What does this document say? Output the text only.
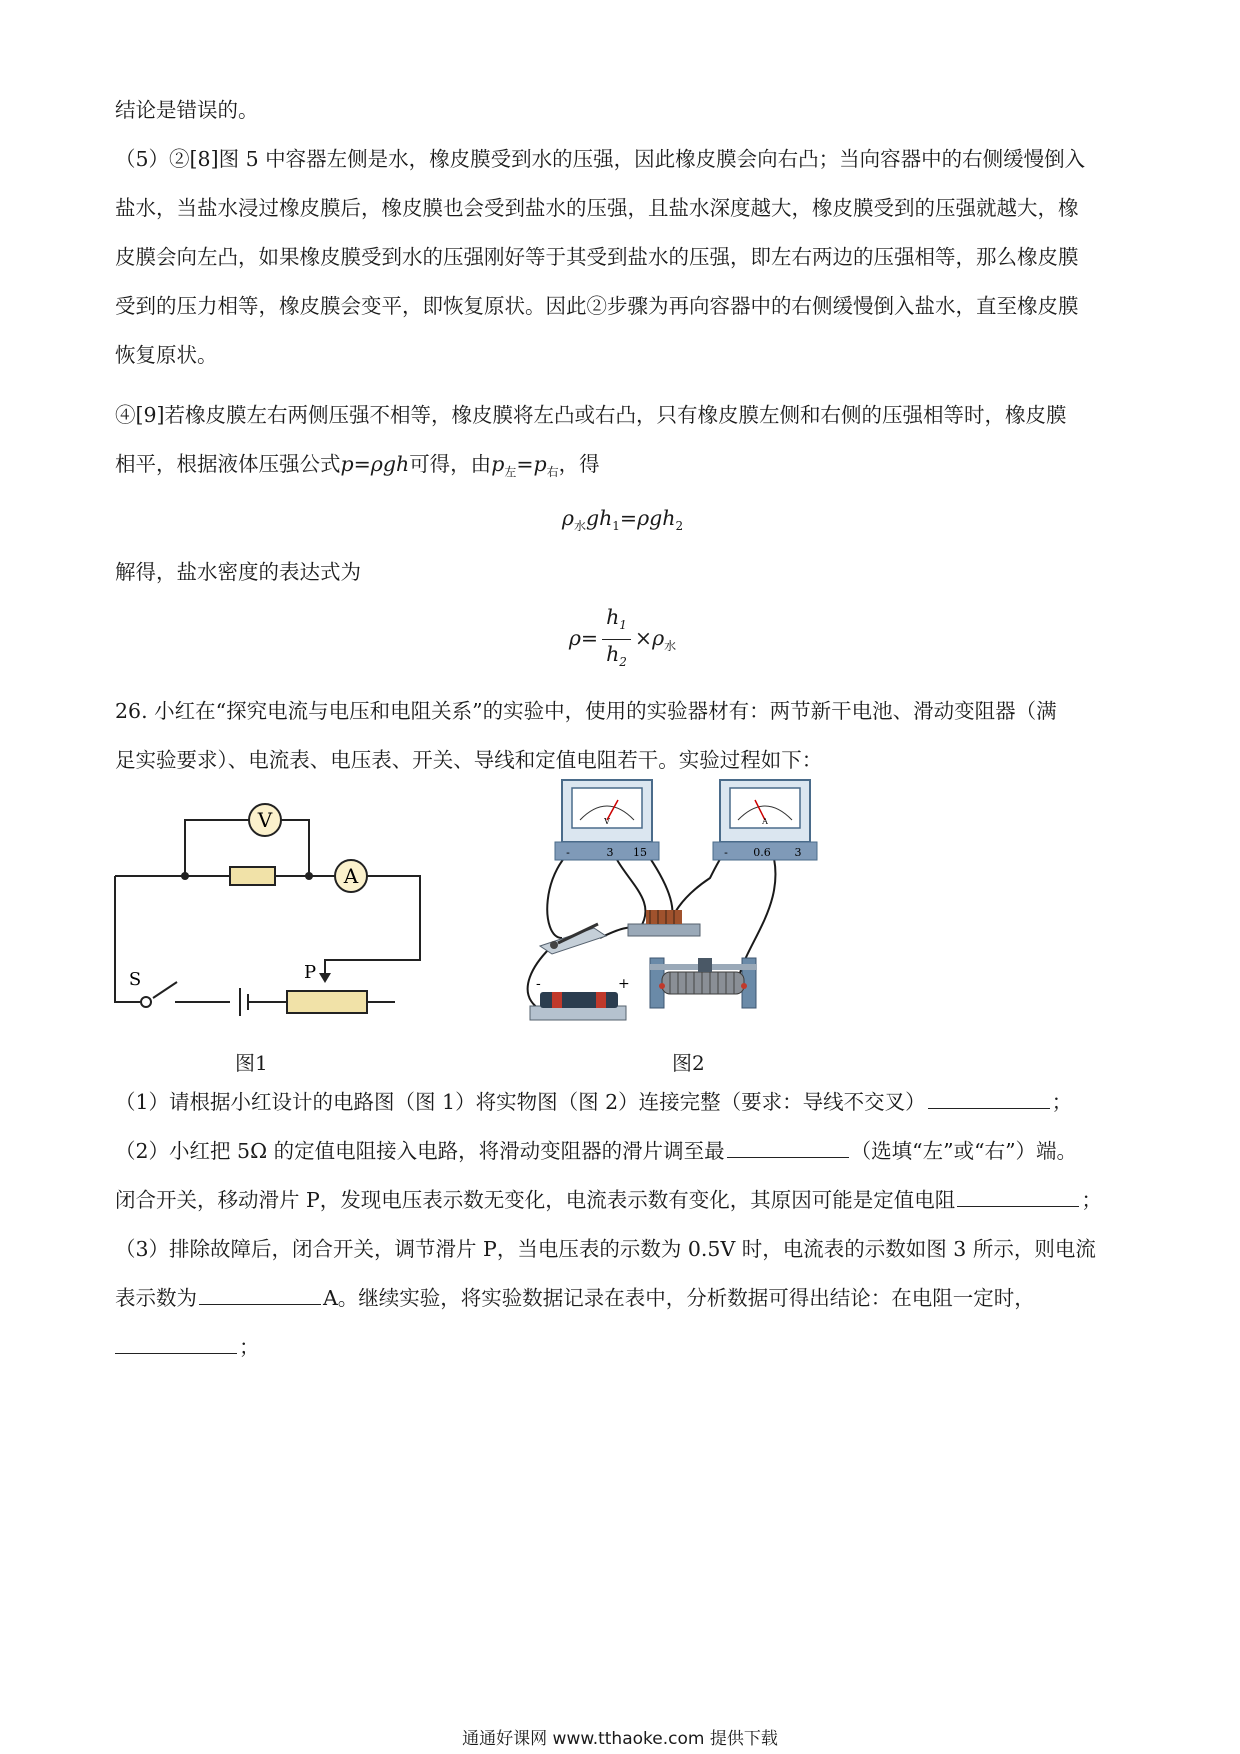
结论是错误的。

（5）②[8]图 5 中容器左侧是水，橡皮膜受到水的压强，因此橡皮膜会向右凸；当向容器中的右侧缓慢倒入

盐水，当盐水浸过橡皮膜后，橡皮膜也会受到盐水的压强，且盐水深度越大，橡皮膜受到的压强就越大，橡

皮膜会向左凸，如果橡皮膜受到水的压强刚好等于其受到盐水的压强，即左右两边的压强相等，那么橡皮膜

受到的压力相等，橡皮膜会变平，即恢复原状。因此②步骤为再向容器中的右侧缓慢倒入盐水，直至橡皮膜

恢复原状。

④[9]若橡皮膜左右两侧压强不相等，橡皮膜将左凸或右凸，只有橡皮膜左侧和右侧的压强相等时，橡皮膜

相平，根据液体压强公式p=ρgh可得，由$p_左=p_右$，得

$\rho_水gh_1=\rho gh_2$

解得，盐水密度的表达式为

$\rho= \frac{h_1}{h_2} \times\rho_水$

26. 小红在“探究电流与电压和电阻关系”的实验中，使用的实验器材有：两节新干电池、滑动变阻器（满

足实验要求）、电流表、电压表、开关、导线和定值电阻若干。实验过程如下：

V
A
S	P
图1
V
-	3 15
A
- 0.6 3
-	+
图2

（1）请根据小红设计的电路图（图 1）将实物图（图 2）连接完整（要求：导线不交叉）	；

（2）小红把 5Ω 的定值电阻接入电路，将滑动变阻器的滑片调至最	（选填“左”或“右”）端。

闭合开关，移动滑片 P，发现电压表示数无变化，电流表示数有变化，其原因可能是定值电阻	；

（3）排除故障后，闭合开关，调节滑片 P，当电压表的示数为 0.5V 时，电流表的示数如图 3 所示，则电流

表示数为	A。继续实验，将实验数据记录在表中，分析数据可得出结论：在电阻一定时，

；

通通好课网 www.tthaoke.com 提供下载
